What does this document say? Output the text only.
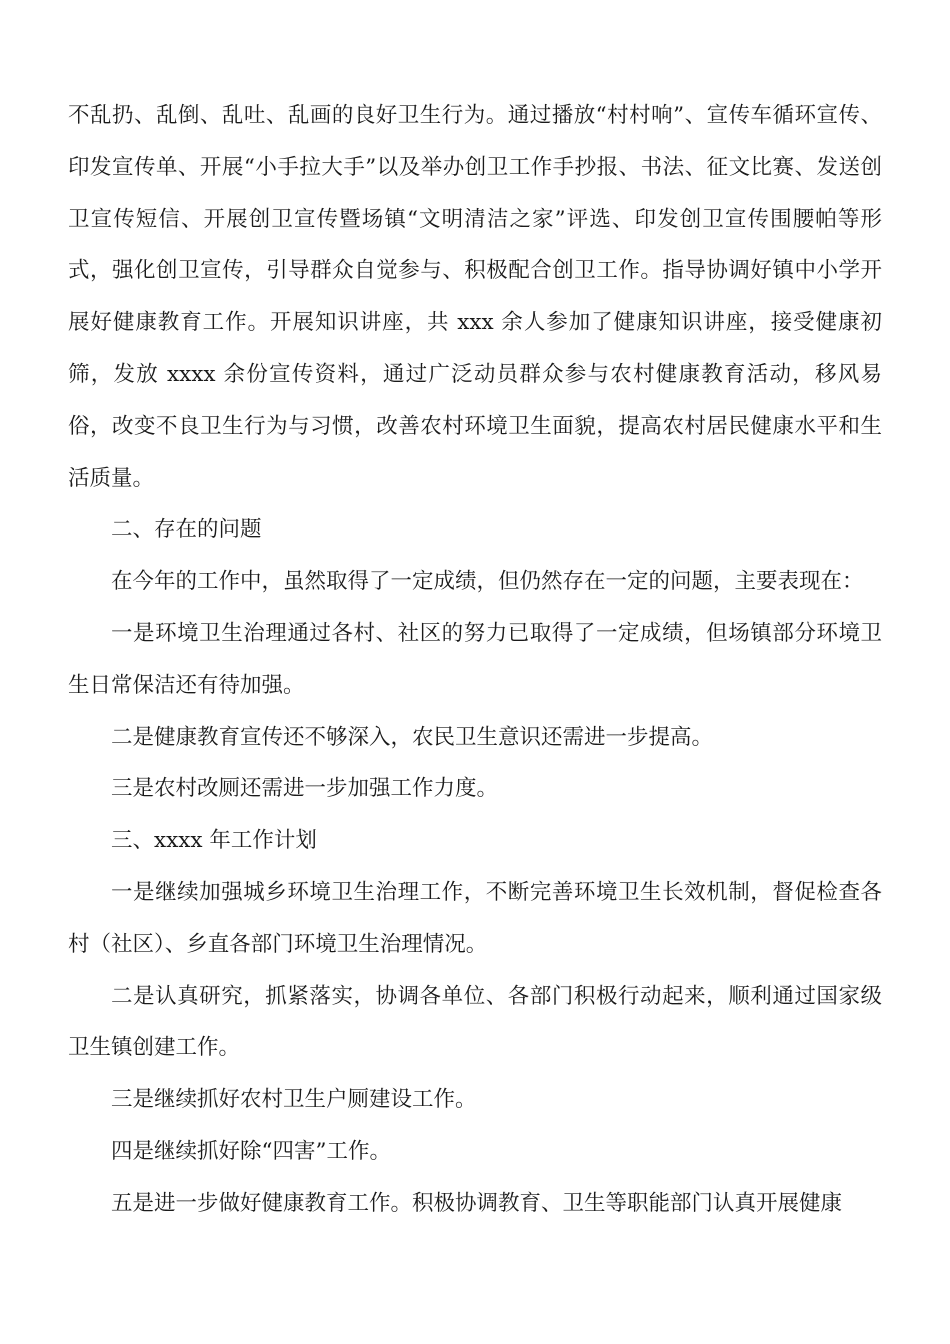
不乱扔、乱倒、乱吐、乱画的良好卫生行为。通过播放“村村响”、宣传车循环宣传、印发宣传单、开展“小手拉大手”以及举办创卫工作手抄报、书法、征文比赛、发送创卫宣传短信、开展创卫宣传暨场镇“文明清洁之家”评选、印发创卫宣传围腰帕等形式，强化创卫宣传，引导群众自觉参与、积极配合创卫工作。指导协调好镇中小学开展好健康教育工作。开展知识讲座，共 xxx 余人参加了健康知识讲座，接受健康初筛，发放 xxxx 余份宣传资料，通过广泛动员群众参与农村健康教育活动，移风易俗，改变不良卫生行为与习惯，改善农村环境卫生面貌，提高农村居民健康水平和生活质量。

二、存在的问题

在今年的工作中，虽然取得了一定成绩，但仍然存在一定的问题，主要表现在：

一是环境卫生治理通过各村、社区的努力已取得了一定成绩，但场镇部分环境卫生日常保洁还有待加强。

二是健康教育宣传还不够深入，农民卫生意识还需进一步提高。

三是农村改厕还需进一步加强工作力度。

三、xxxx 年工作计划

一是继续加强城乡环境卫生治理工作，不断完善环境卫生长效机制，督促检查各村（社区）、乡直各部门环境卫生治理情况。

二是认真研究，抓紧落实，协调各单位、各部门积极行动起来，顺利通过国家级卫生镇创建工作。

三是继续抓好农村卫生户厕建设工作。

四是继续抓好除“四害”工作。

五是进一步做好健康教育工作。积极协调教育、卫生等职能部门认真开展健康
